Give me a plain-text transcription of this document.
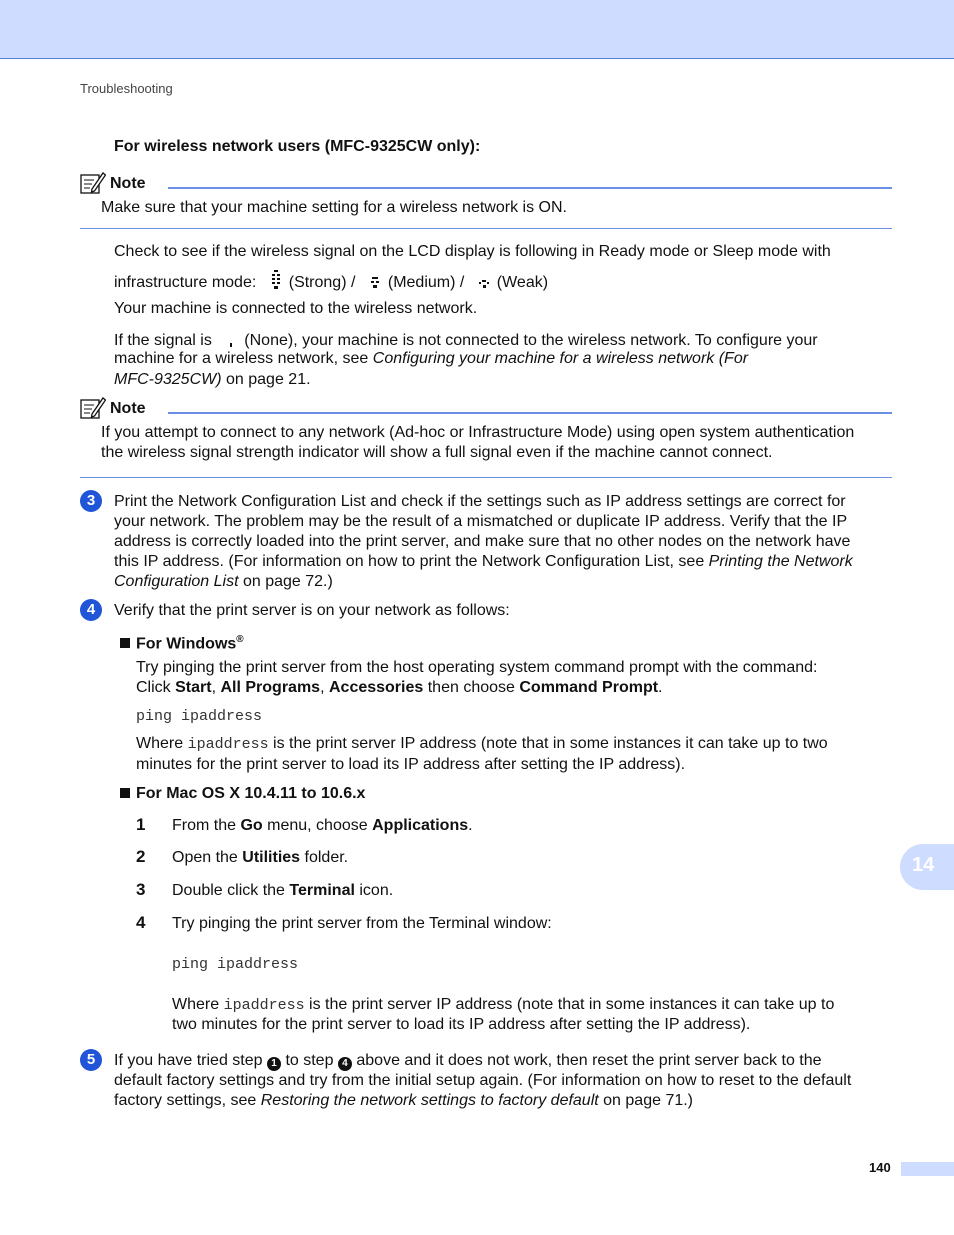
Troubleshooting
For wireless network users (MFC-9325CW only):
Note
Make sure that your machine setting for a wireless network is ON.
Check to see if the wireless signal on the LCD display is following in Ready mode or Sleep mode with
infrastructure mode: (Strong) / (Medium) / (Weak)
Your machine is connected to the wireless network.
If the signal is (None), your machine is not connected to the wireless network. To configure your
machine for a wireless network, see Configuring your machine for a wireless network (For
MFC-9325CW) on page 21.
Note
If you attempt to connect to any network (Ad-hoc or Infrastructure Mode) using open system authentication
the wireless signal strength indicator will show a full signal even if the machine cannot connect.
3	Print the Network Configuration List and check if the settings such as IP address settings are correct for
your network. The problem may be the result of a mismatched or duplicate IP address. Verify that the IP
address is correctly loaded into the print server, and make sure that no other nodes on the network have
this IP address. (For information on how to print the Network Configuration List, see Printing the Network
Configuration List on page 72.)
4	Verify that the print server is on your network as follows:
For Windows®
Try pinging the print server from the host operating system command prompt with the command:
Click Start, All Programs, Accessories then choose Command Prompt.
ping ipaddress
Where ipaddress is the print server IP address (note that in some instances it can take up to two
minutes for the print server to load its IP address after setting the IP address).
For Mac OS X 10.4.11 to 10.6.x
1 From the Go menu, choose Applications.
2 Open the Utilities folder.
3 Double click the Terminal icon.
4 Try pinging the print server from the Terminal window:
ping ipaddress
Where ipaddress is the print server IP address (note that in some instances it can take up to
two minutes for the print server to load its IP address after setting the IP address).
5	If you have tried step 1 to step 4 above and it does not work, then reset the print server back to the
default factory settings and try from the initial setup again. (For information on how to reset to the default
factory settings, see Restoring the network settings to factory default on page 71.)
14
140
